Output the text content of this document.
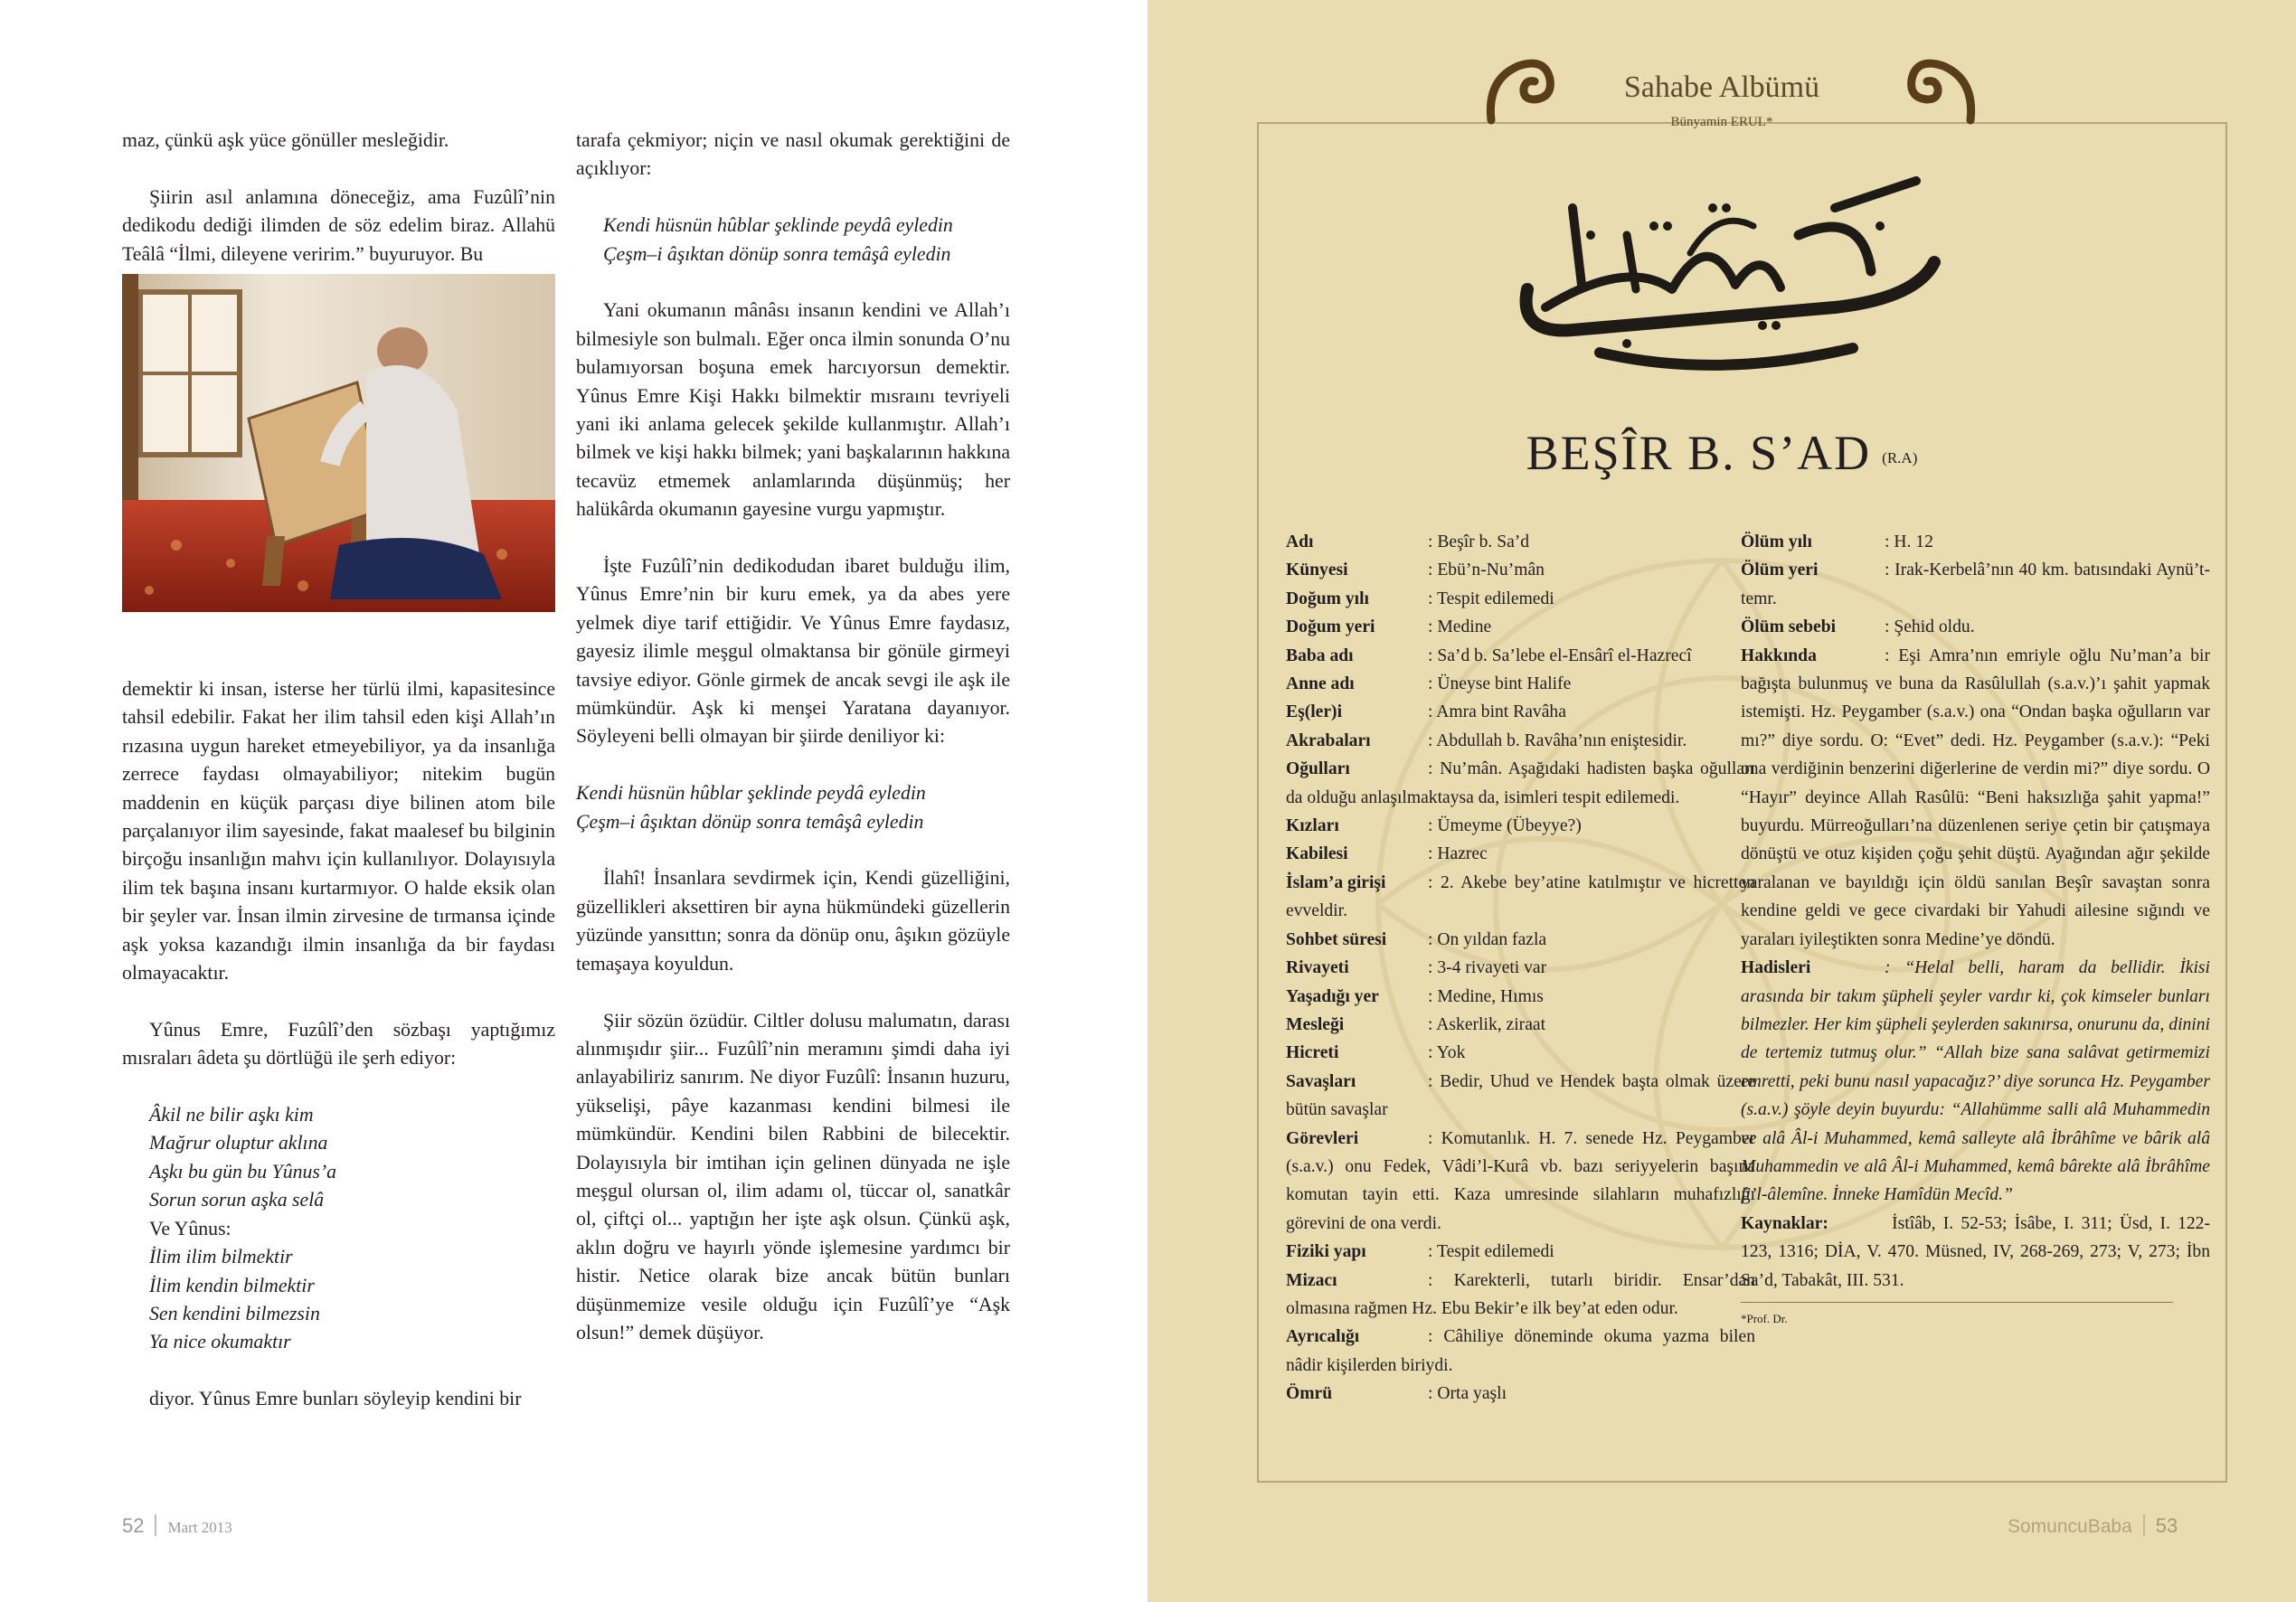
maz, çünkü aşk yüce gönüller mesleğidir.

Şiirin asıl anlamına döneceğiz, ama Fuzûlî’nin dedikodu dediği ilimden de söz edelim biraz. Allahü Teâlâ “İlmi, dileyene veririm.” buyuruyor. Bu

demektir ki insan, isterse her türlü ilmi, kapasitesince tahsil edebilir. Fakat her ilim tahsil eden kişi Allah’ın rızasına uygun hareket etmeyebiliyor, ya da insanlığa zerrece faydası olmayabiliyor; nitekim bugün maddenin en küçük parçası diye bilinen atom bile parçalanıyor ilim sayesinde, fakat maalesef bu bilginin birçoğu insanlığın mahvı için kullanılıyor. Dolayısıyla ilim tek başına insanı kurtarmıyor. O halde eksik olan bir şeyler var. İnsan ilmin zirvesine de tırmansa içinde aşk yoksa kazandığı ilmin insanlığa da bir faydası olmayacaktır.

Yûnus Emre, Fuzûlî’den sözbaşı yaptığımız mısraları âdeta şu dörtlüğü ile şerh ediyor:

Âkil ne bilir aşkı kim
Mağrur oluptur aklına
Aşkı bu gün bu Yûnus’a
Sorun sorun aşka selâ
Ve Yûnus:
İlim ilim bilmektir
İlim kendin bilmektir
Sen kendini bilmezsin
Ya nice okumaktır

diyor. Yûnus Emre bunları söyleyip kendini bir

tarafa çekmiyor; niçin ve nasıl okumak gerektiğini de açıklıyor:

Kendi hüsnün hûblar şeklinde peydâ eyledin
Çeşm–i âşıktan dönüp sonra temâşâ eyledin

Yani okumanın mânâsı insanın kendini ve Allah’ı bilmesiyle son bulmalı. Eğer onca ilmin sonunda O’nu bulamıyorsan boşuna emek harcıyorsun demektir. Yûnus Emre Kişi Hakkı bilmektir mısraını tevriyeli yani iki anlama gelecek şekilde kullanmıştır. Allah’ı bilmek ve kişi hakkı bilmek; yani başkalarının hakkına tecavüz etmemek anlamlarında düşünmüş; her halükârda okumanın gayesine vurgu yapmıştır.

İşte Fuzûlî’nin dedikodudan ibaret bulduğu ilim, Yûnus Emre’nin bir kuru emek, ya da abes yere yelmek diye tarif ettiğidir. Ve Yûnus Emre faydasız, gayesiz ilimle meşgul olmaktansa bir gönüle girmeyi tavsiye ediyor. Gönle girmek de ancak sevgi ile aşk ile mümkündür. Aşk ki menşei Yaratana dayanıyor. Söyleyeni belli olmayan bir şiirde deniliyor ki:

Kendi hüsnün hûblar şeklinde peydâ eyledin
Çeşm–i âşıktan dönüp sonra temâşâ eyledin

İlahî! İnsanlara sevdirmek için, Kendi güzelliğini, güzellikleri aksettiren bir ayna hükmündeki güzellerin yüzünde yansıttın; sonra da dönüp onu, âşıkın gözüyle temaşaya koyuldun.

Şiir sözün özüdür. Ciltler dolusu malumatın, darası alınmışıdır şiir... Fuzûlî’nin meramını şimdi daha iyi anlayabiliriz sanırım. Ne diyor Fuzûlî: İnsanın huzuru, yükselişi, pâye kazanması kendini bilmesi ile mümkündür. Kendini bilen Rabbini de bilecektir. Dolayısıyla bir imtihan için gelinen dünyada ne işle meşgul olursan ol, ilim adamı ol, tüccar ol, sanatkâr ol, çiftçi ol... yaptığın her işte aşk olsun. Çünkü aşk, aklın doğru ve hayırlı yönde işlemesine yardımcı bir histir. Netice olarak bize ancak bütün bunları düşünmemize vesile olduğu için Fuzûlî’ye “Aşk olsun!” demek düşüyor.

52 Mart 2013
Sahabe Albümü
Bünyamin ERUL*
BEŞÎR B. S’AD (R.A)
Adı	: Beşîr b. Sa’d
Künyesi	: Ebü’n-Nu’mân
Doğum yılı	: Tespit edilemedi
Doğum yeri	: Medine
Baba adı	: Sa’d b. Sa’lebe el-Ensârî el-Hazrecî
Anne adı	: Üneyse bint Halife
Eş(ler)i	: Amra bint Ravâha
Akrabaları	: Abdullah b. Ravâha’nın eniştesidir.
Oğulları	: Nu’mân. Aşağıdaki hadisten başka oğulları da olduğu anlaşılmaktaysa da, isimleri tespit edilemedi.
Kızları	: Ümeyme (Übeyye?)
Kabilesi	: Hazrec
İslam’a girişi : 2. Akebe bey’atine katılmıştır ve hicretten evveldir.
Sohbet süresi : On yıldan fazla
Rivayeti	: 3-4 rivayeti var
Yaşadığı yer	: Medine, Hımıs
Mesleği	: Askerlik, ziraat
Hicreti	: Yok
Savaşları	: Bedir, Uhud ve Hendek başta olmak üzere bütün savaşlar
Görevleri	: Komutanlık. H. 7. senede Hz. Peygamber (s.a.v.) onu Fedek, Vâdi’l-Kurâ vb. bazı seriyyelerin başına komutan tayin etti. Kaza umresinde silahların muhafızlığı görevini de ona verdi.
Fiziki yapı	: Tespit edilemedi
Mizacı	: Karekterli, tutarlı biridir. Ensar’dan olmasına rağmen Hz. Ebu Bekir’e ilk bey’at eden odur.
Ayrıcalığı	: Câhiliye döneminde okuma yazma bilen nâdir kişilerden biriydi.
Ömrü	: Orta yaşlı
Ölüm yılı	: H. 12
Ölüm yeri	: Irak-Kerbelâ’nın 40 km. batısındaki Aynü’t-temr.
Ölüm sebebi	: Şehid oldu.
Hakkında	: Eşi Amra’nın emriyle oğlu Nu’man’a bir bağışta bulunmuş ve buna da Rasûlullah (s.a.v.)’ı şahit yapmak istemişti. Hz. Peygamber (s.a.v.) ona “Ondan başka oğulların var mı?” diye sordu. O: “Evet” dedi. Hz. Peygamber (s.a.v.): “Peki ona verdiğinin benzerini diğerlerine de verdin mi?” diye sordu. O “Hayır” deyince Allah Rasûlü: “Beni haksızlığa şahit yapma!” buyurdu. Mürreoğulları’na düzenlenen seriye çetin bir çatışmaya dönüştü ve otuz kişiden çoğu şehit düştü. Ayağından ağır şekilde yaralanan ve bayıldığı için öldü sanılan Beşîr savaştan sonra kendine geldi ve gece civardaki bir Yahudi ailesine sığındı ve yaraları iyileştikten sonra Medine’ye döndü.
Hadisleri	: “Helal belli, haram da bellidir. İkisi arasında bir takım şüpheli şeyler vardır ki, çok kimseler bunları bilmezler. Her kim şüpheli şeylerden sakınırsa, onurunu da, dinini de tertemiz tutmuş olur.” “Allah bize sana salâvat getirmemizi emretti, peki bunu nasıl yapacağız?’ diye sorunca Hz. Peygamber (s.a.v.) şöyle deyin buyurdu: “Allahümme salli alâ Muhammedin ve alâ Âl-i Muhammed, kemâ salleyte alâ İbrâhîme ve bârik alâ Muhammedin ve alâ Âl-i Muhammed, kemâ bârekte alâ İbrâhîme fi’l-âlemîne. İnneke Hamîdün Mecîd.”
Kaynaklar:	İstîâb, I. 52-53; İsâbe, I. 311; Üsd, I. 122-123, 1316; DİA, V. 470. Müsned, IV, 268-269, 273; V, 273; İbn Sa’d, Tabakât, III. 531.
*Prof. Dr.
SomuncuBaba 53
